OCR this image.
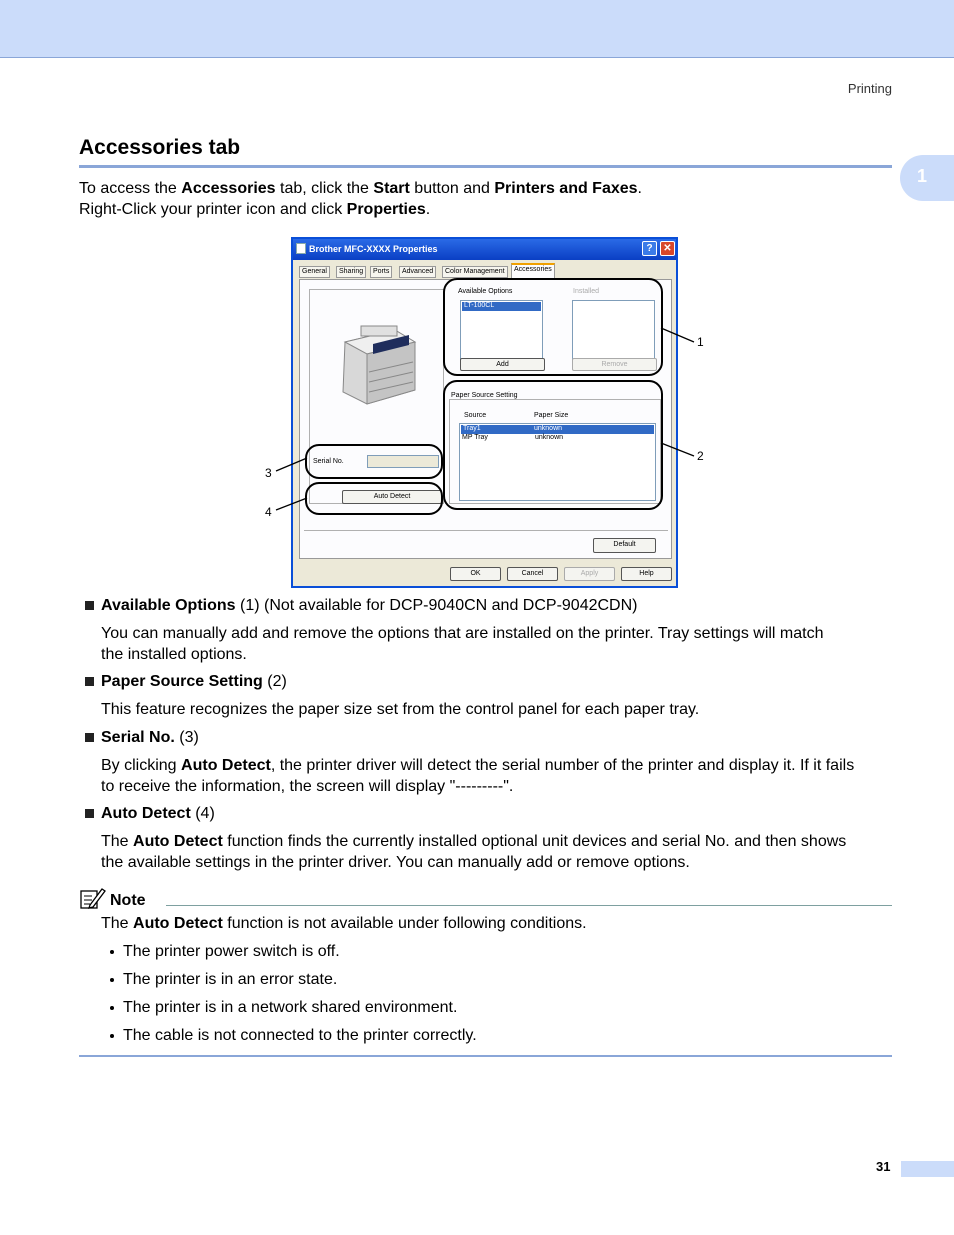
Printing
1
Accessories tab
To access the Accessories tab, click the Start button and Printers and Faxes.
Right-Click your printer icon and click Properties.
Brother MFC-XXXX Properties	?	✕
General	Sharing	Ports	Advanced	Color Management	Accessories
Available Options	Installed
LT-100CL
Add	Remove
Paper Source Setting
Source	Paper Size
Tray1	unknown
MP Tray	unknown
Serial No.
Auto Detect
Default
OK	Cancel	Apply	Help
1
2
3
4
Available Options (1) (Not available for DCP-9040CN and DCP-9042CDN)
You can manually add and remove the options that are installed on the printer. Tray settings will match
the installed options.
Paper Source Setting (2)
This feature recognizes the paper size set from the control panel for each paper tray.
Serial No. (3)
By clicking Auto Detect, the printer driver will detect the serial number of the printer and display it. If it fails
to receive the information, the screen will display "---------".
Auto Detect (4)
The Auto Detect function finds the currently installed optional unit devices and serial No. and then shows
the available settings in the printer driver. You can manually add or remove options.
Note
The Auto Detect function is not available under following conditions.
The printer power switch is off.
The printer is in an error state.
The printer is in a network shared environment.
The cable is not connected to the printer correctly.
31
